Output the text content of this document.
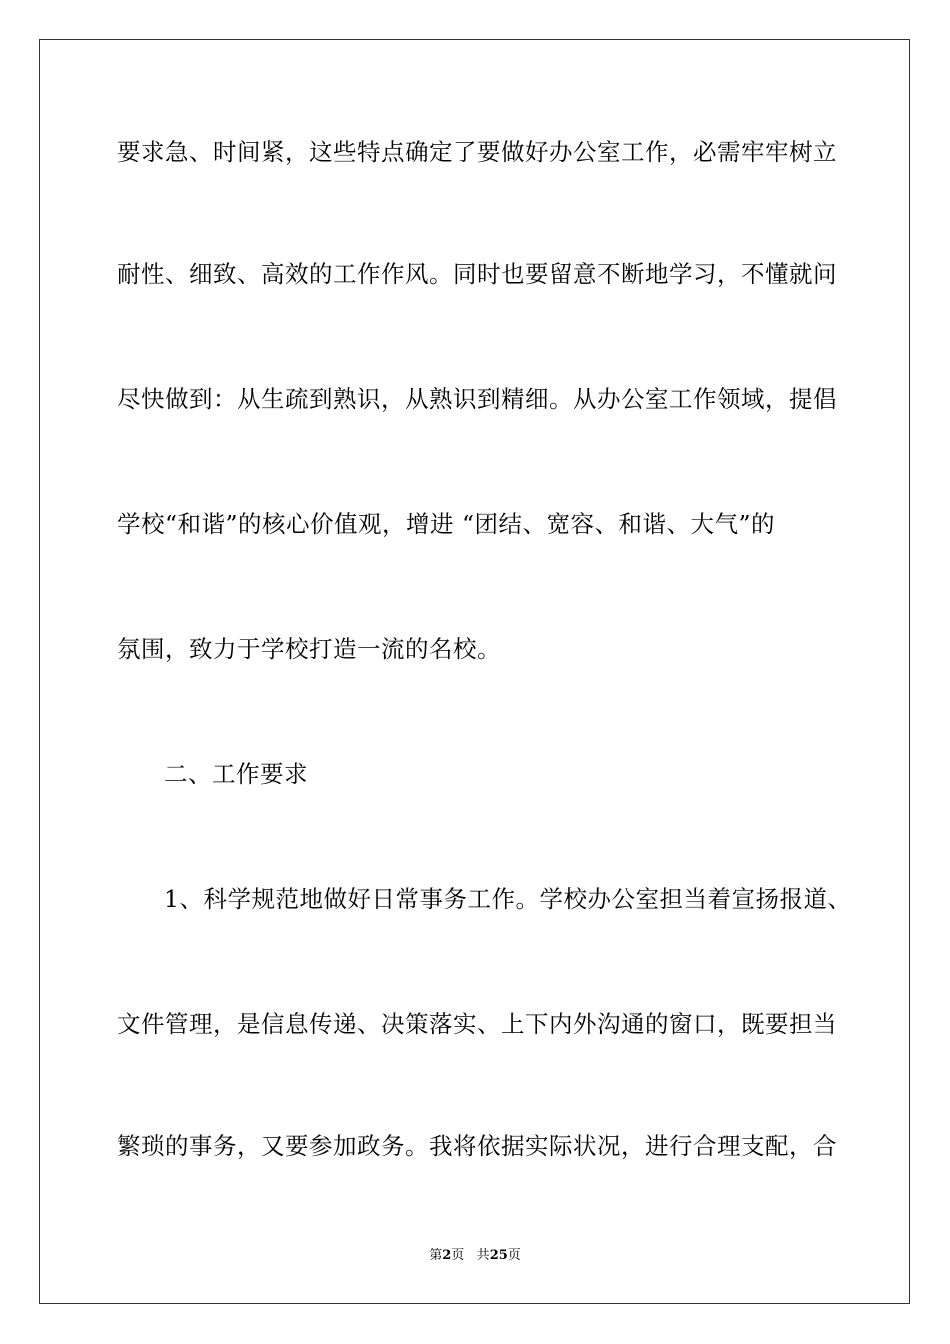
要求急、时间紧，这些特点确定了要做好办公室工作，必需牢牢树立
耐性、细致、高效的工作作风。同时也要留意不断地学习，不懂就问
尽快做到：从生疏到熟识，从熟识到精细。从办公室工作领域，提倡
学校“和谐”的核心价值观，增进 “团结、宽容、和谐、大气”的
氛围，致力于学校打造一流的名校。
二、工作要求
1、科学规范地做好日常事务工作。学校办公室担当着宣扬报道、
文件管理，是信息传递、决策落实、上下内外沟通的窗口，既要担当
繁琐的事务，又要参加政务。我将依据实际状况，进行合理支配，合
第2页 共25页
